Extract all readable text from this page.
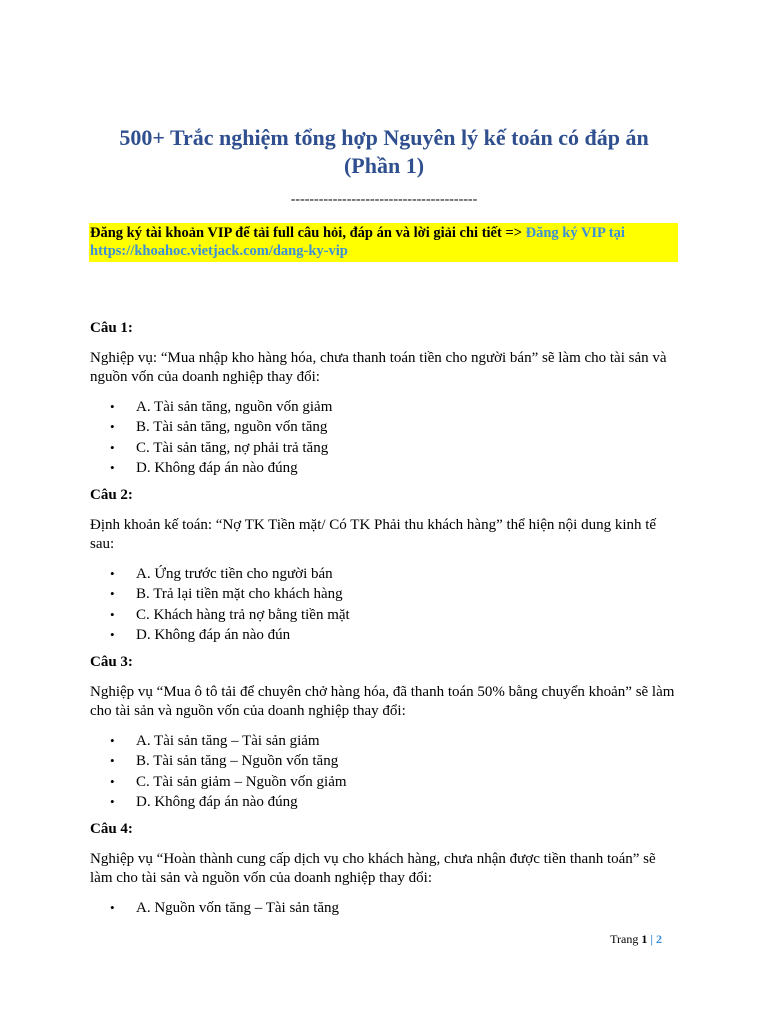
500+ Trắc nghiệm tổng hợp Nguyên lý kế toán có đáp án
(Phần 1)
----------------------------------------
Đăng ký tài khoản VIP để tải full câu hỏi, đáp án và lời giải chi tiết => Đăng ký VIP tại https://khoahoc.vietjack.com/dang-ky-vip
Câu 1:
Nghiệp vụ: “Mua nhập kho hàng hóa, chưa thanh toán tiền cho người bán” sẽ làm cho tài sản và nguồn vốn của doanh nghiệp thay đổi:
• A. Tài sản tăng, nguồn vốn giảm
• B. Tài sản tăng, nguồn vốn tăng
• C. Tài sản tăng, nợ phải trả tăng
• D. Không đáp án nào đúng
Câu 2:
Định khoản kế toán: “Nợ TK Tiền mặt/ Có TK Phải thu khách hàng” thể hiện nội dung kinh tế sau:
• A. Ứng trước tiền cho người bán
• B. Trả lại tiền mặt cho khách hàng
• C. Khách hàng trả nợ bằng tiền mặt
• D. Không đáp án nào đún
Câu 3:
Nghiệp vụ “Mua ô tô tải để chuyên chở hàng hóa, đã thanh toán 50% bằng chuyển khoản” sẽ làm cho tài sản và nguồn vốn của doanh nghiệp thay đổi:
• A. Tài sản tăng – Tài sản giảm
• B. Tài sản tăng – Nguồn vốn tăng
• C. Tài sản giảm – Nguồn vốn giảm
• D. Không đáp án nào đúng
Câu 4:
Nghiệp vụ “Hoàn thành cung cấp dịch vụ cho khách hàng, chưa nhận được tiền thanh toán” sẽ làm cho tài sản và nguồn vốn của doanh nghiệp thay đổi:
• A. Nguồn vốn tăng – Tài sản tăng
Trang 1 | 2
